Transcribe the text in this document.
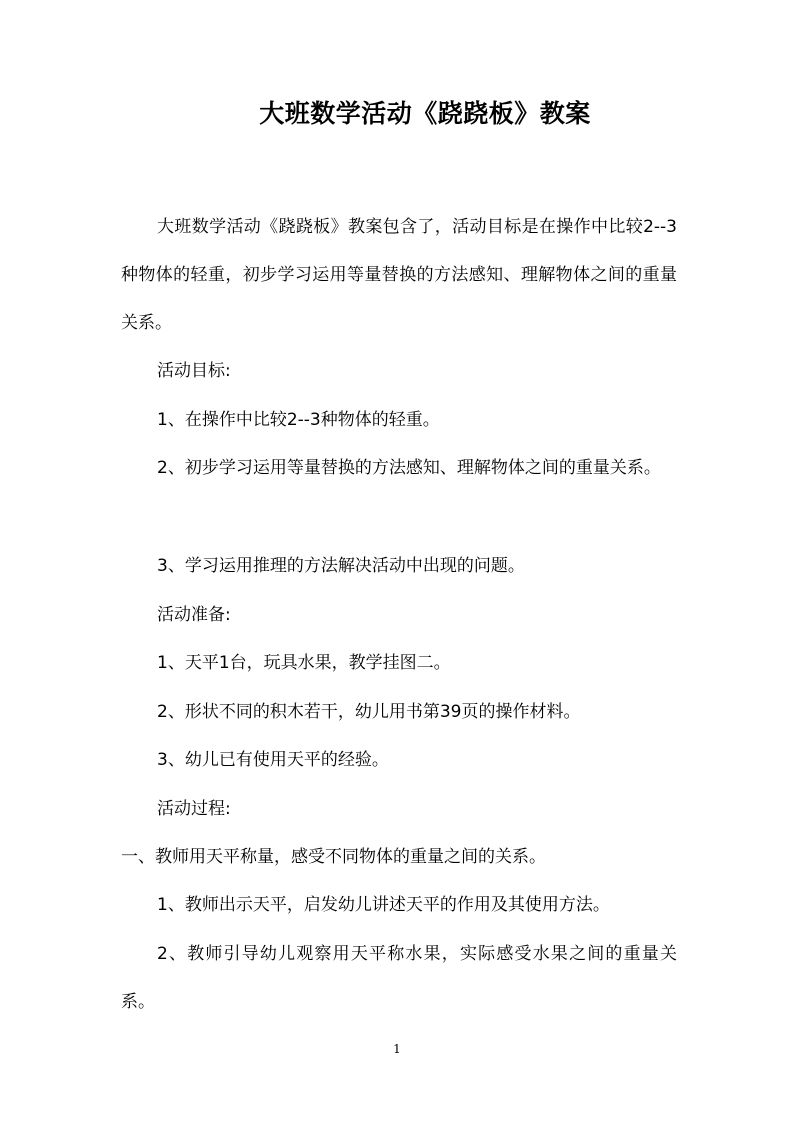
大班数学活动《跷跷板》教案

大班数学活动《跷跷板》教案包含了，活动目标是在操作中比较2--3种物体的轻重，初步学习运用等量替换的方法感知、理解物体之间的重量关系。

活动目标:

1、在操作中比较2--3种物体的轻重。

2、初步学习运用等量替换的方法感知、理解物体之间的重量关系。

3、学习运用推理的方法解决活动中出现的问题。

活动准备:

1、天平1台，玩具水果，教学挂图二。

2、形状不同的积木若干，幼儿用书第39页的操作材料。

3、幼儿已有使用天平的经验。

活动过程:

一、教师用天平称量，感受不同物体的重量之间的关系。

1、教师出示天平，启发幼儿讲述天平的作用及其使用方法。

2、教师引导幼儿观察用天平称水果，实际感受水果之间的重量关系。

1
